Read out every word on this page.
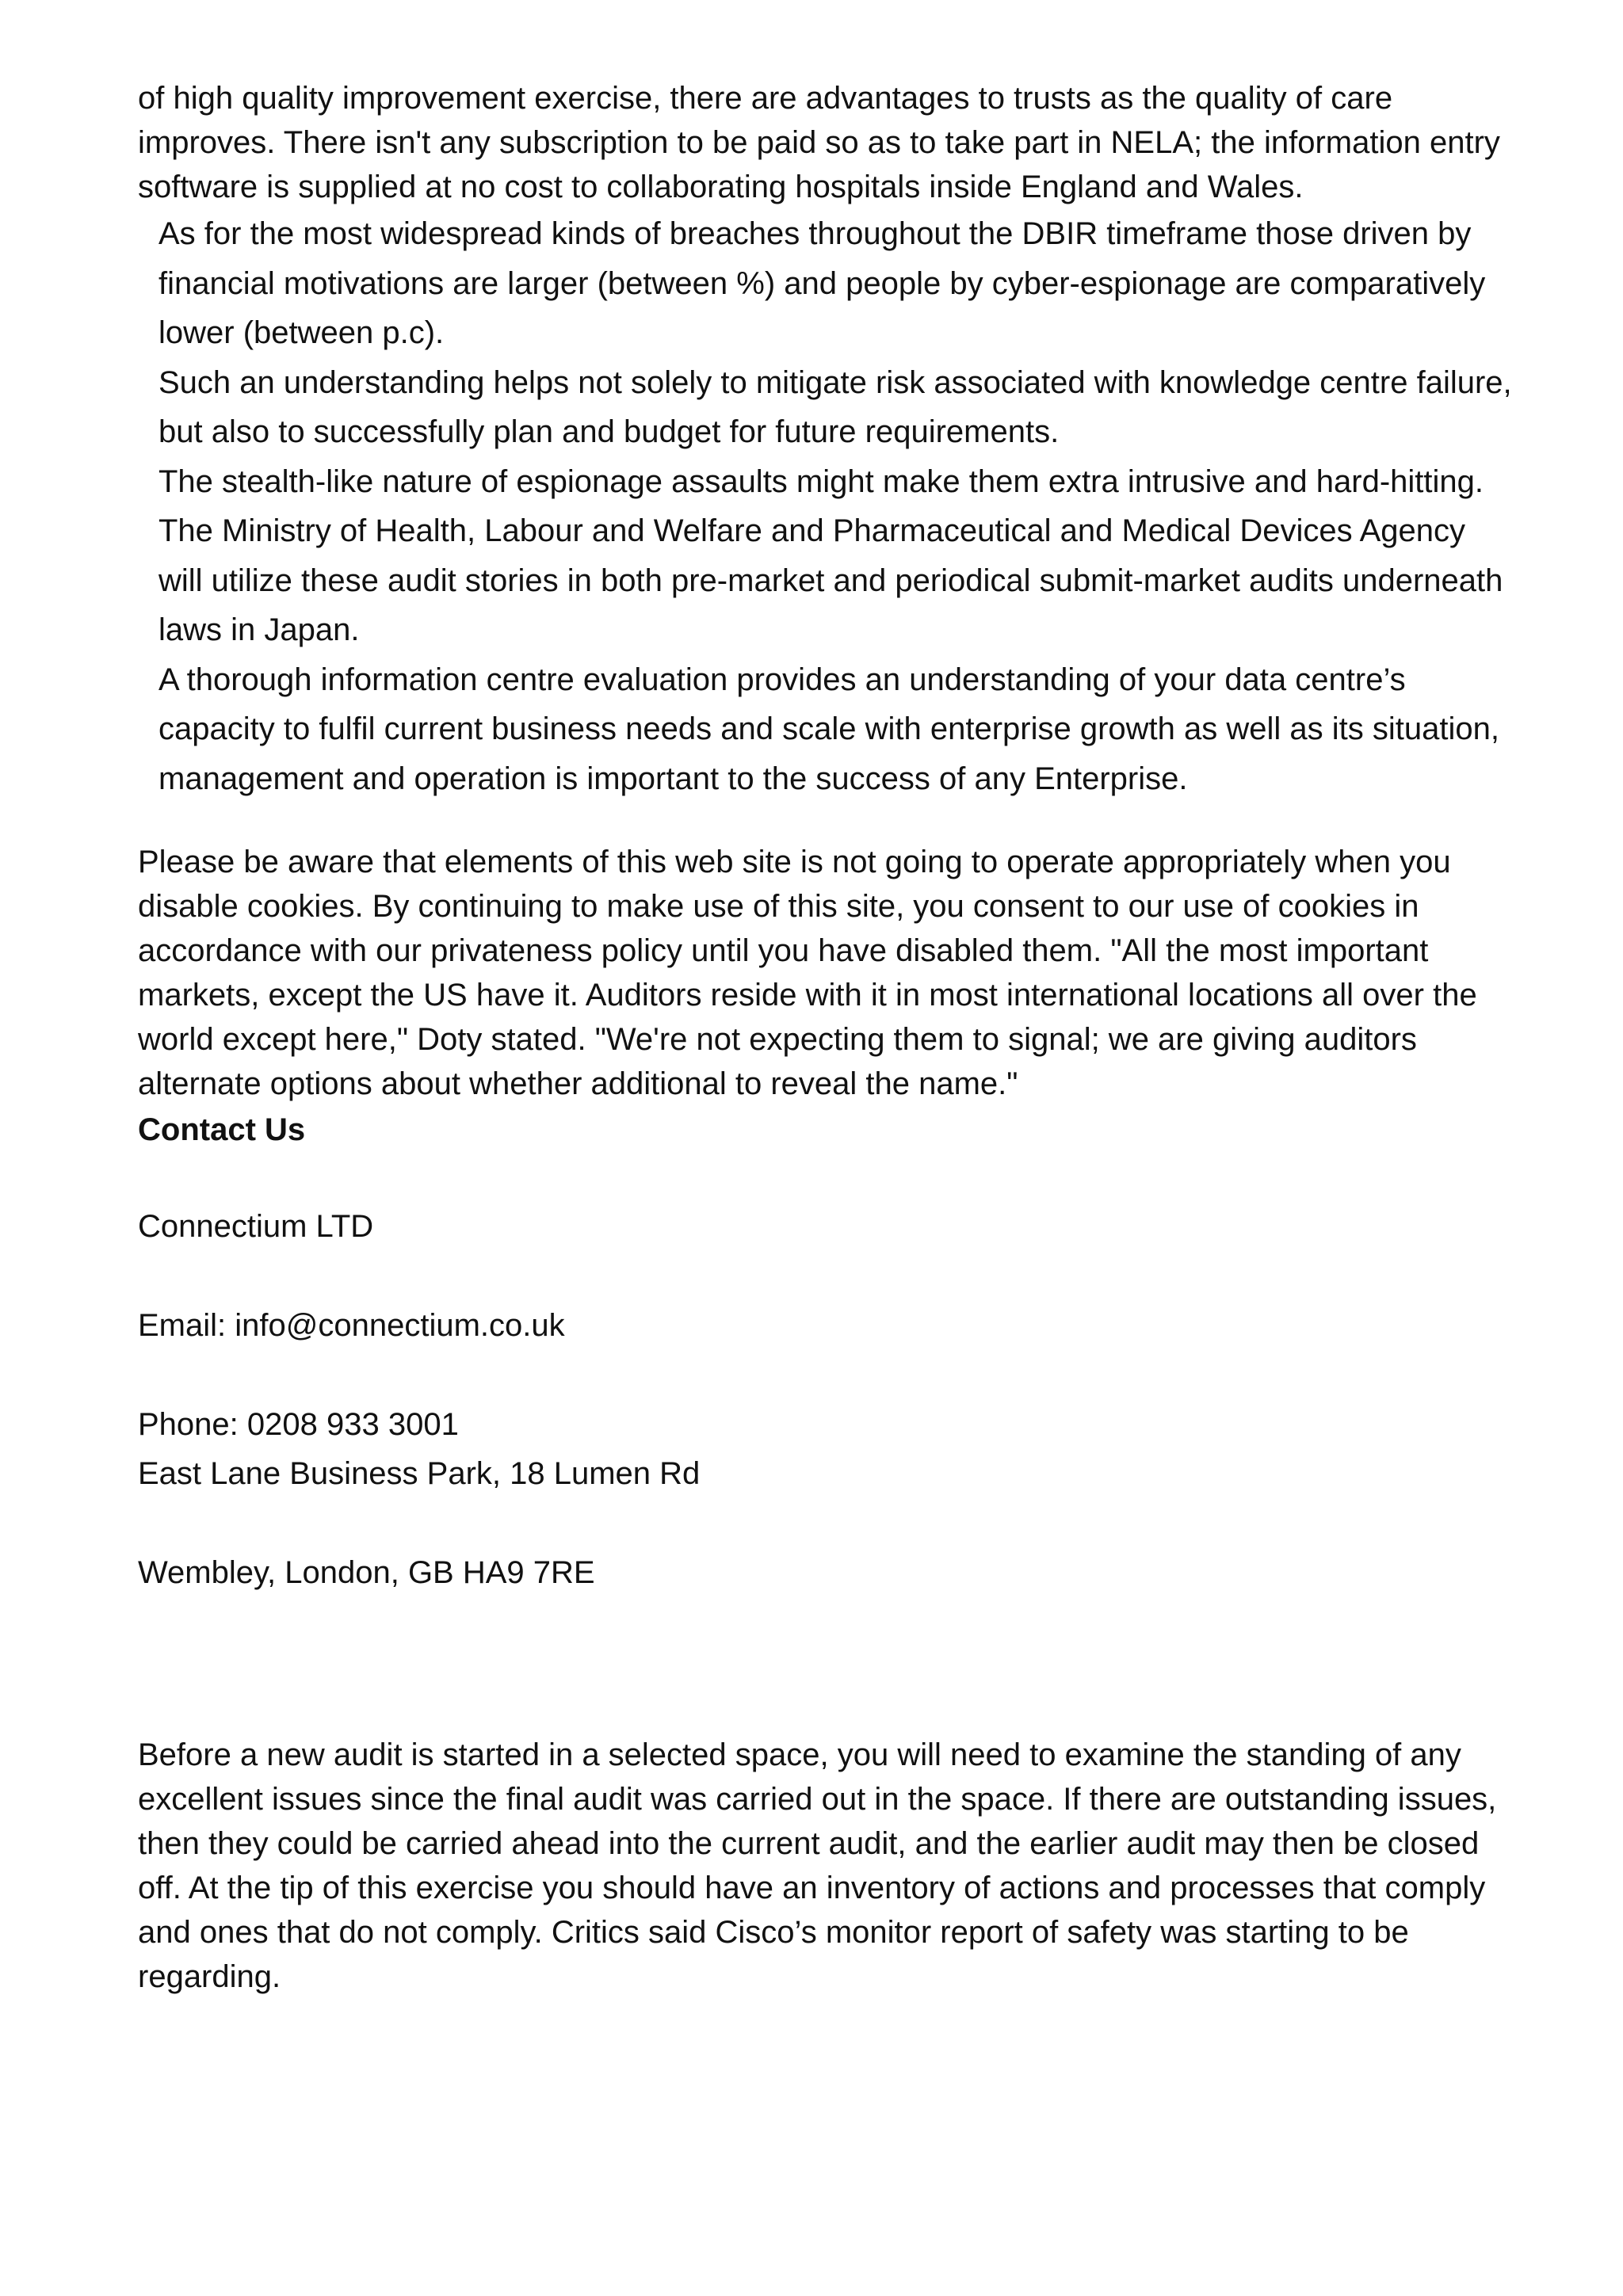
of high quality improvement exercise, there are advantages to trusts as the quality of care improves. There isn't any subscription to be paid so as to take part in NELA; the information entry software is supplied at no cost to collaborating hospitals inside England and Wales.

As for the most widespread kinds of breaches throughout the DBIR timeframe those driven by financial motivations are larger (between %) and people by cyber-espionage are comparatively lower (between p.c).
Such an understanding helps not solely to mitigate risk associated with knowledge centre failure, but also to successfully plan and budget for future requirements.
The stealth-like nature of espionage assaults might make them extra intrusive and hard-hitting.
The Ministry of Health, Labour and Welfare and Pharmaceutical and Medical Devices Agency will utilize these audit stories in both pre-market and periodical submit-market audits underneath laws in Japan.
A thorough information centre evaluation provides an understanding of your data centre’s capacity to fulfil current business needs and scale with enterprise growth as well as its situation, management and operation is important to the success of any Enterprise.

Please be aware that elements of this web site is not going to operate appropriately when you disable cookies. By continuing to make use of this site, you consent to our use of cookies in accordance with our privateness policy until you have disabled them. "All the most important markets, except the US have it. Auditors reside with it in most international locations all over the world except here," Doty stated. "We're not expecting them to signal; we are giving auditors alternate options about whether additional to reveal the name."

Contact Us

Connectium LTD

Email: info@connectium.co.uk

Phone: 0208 933 3001

East Lane Business Park, 18 Lumen Rd

Wembley, London, GB HA9 7RE

Before a new audit is started in a selected space, you will need to examine the standing of any excellent issues since the final audit was carried out in the space. If there are outstanding issues, then they could be carried ahead into the current audit, and the earlier audit may then be closed off. At the tip of this exercise you should have an inventory of actions and processes that comply and ones that do not comply. Critics said Cisco’s monitor report of safety was starting to be regarding.
